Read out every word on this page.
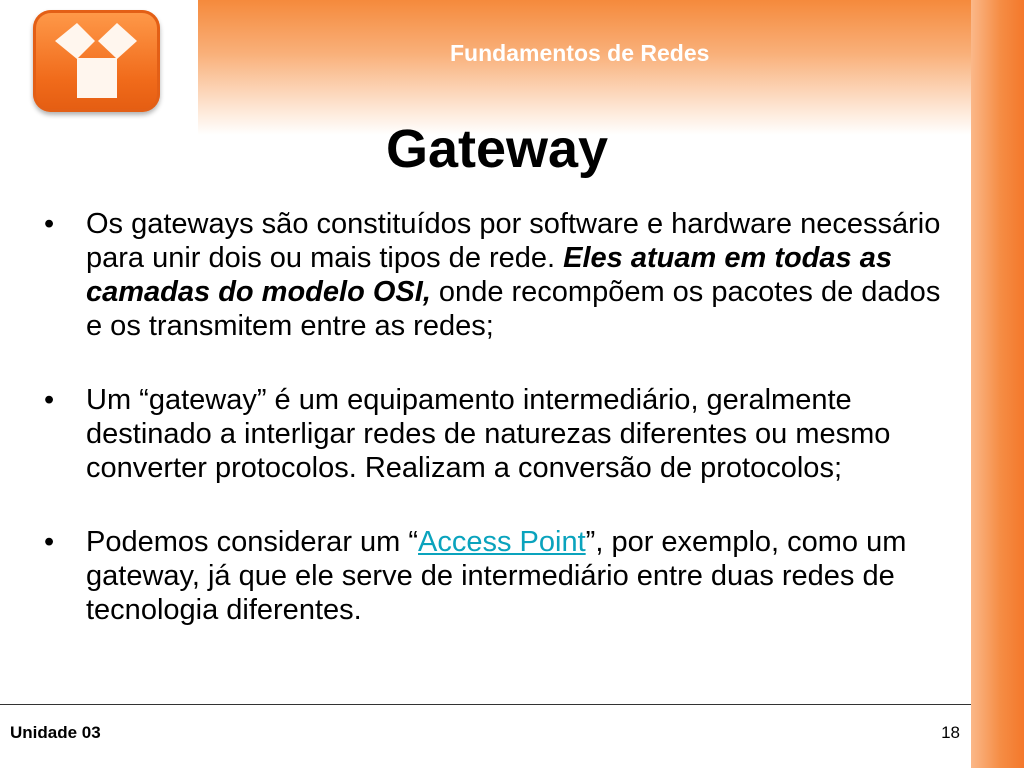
Fundamentos de Redes
Gateway
• Os gateways são constituídos por software e hardware necessário para unir dois ou mais tipos de rede. Eles atuam em todas as camadas do modelo OSI, onde recompõem os pacotes de dados e os transmitem entre as redes;
• Um “gateway” é um equipamento intermediário, geralmente destinado a interligar redes de naturezas diferentes ou mesmo converter protocolos. Realizam a conversão de protocolos;
• Podemos considerar um “Access Point”, por exemplo, como um gateway, já que ele serve de intermediário entre duas redes de tecnologia diferentes.
Unidade 03	18
